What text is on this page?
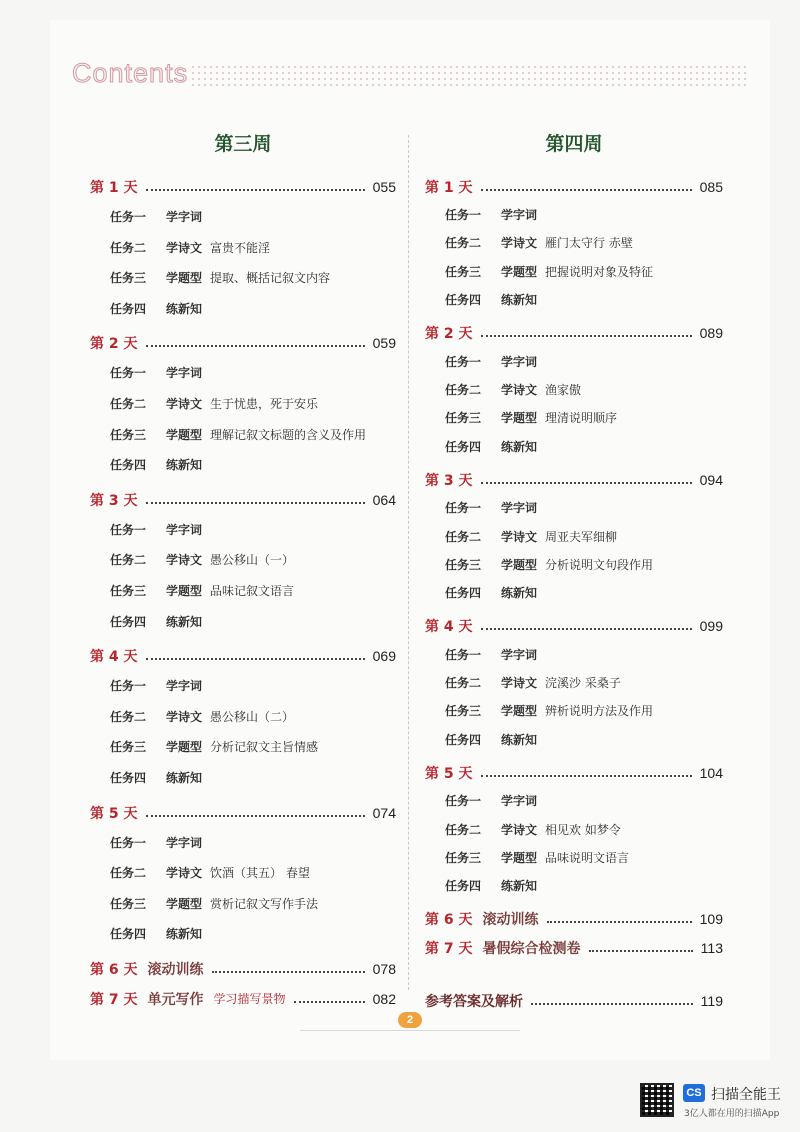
Contents
第三周
第 1 天	055
任务一 学字词
任务二 学诗文 富贵不能淫
任务三 学题型 提取、概括记叙文内容
任务四 练新知
第 2 天	059
任务一 学字词
任务二 学诗文 生于忧患，死于安乐
任务三 学题型 理解记叙文标题的含义及作用
任务四 练新知
第 3 天	064
任务一 学字词
任务二 学诗文 愚公移山（一）
任务三 学题型 品味记叙文语言
任务四 练新知
第 4 天	069
任务一 学字词
任务二 学诗文 愚公移山（二）
任务三 学题型 分析记叙文主旨情感
任务四 练新知
第 5 天	074
任务一 学字词
任务二 学诗文 饮酒（其五） 春望
任务三 学题型 赏析记叙文写作手法
任务四 练新知
第 6 天 滚动训练	078
第 7 天 单元写作 学习描写景物	082
第四周
第 1 天	085
任务一 学字词
任务二 学诗文 雁门太守行 赤壁
任务三 学题型 把握说明对象及特征
任务四 练新知
第 2 天	089
任务一 学字词
任务二 学诗文 渔家傲
任务三 学题型 理清说明顺序
任务四 练新知
第 3 天	094
任务一 学字词
任务二 学诗文 周亚夫军细柳
任务三 学题型 分析说明文句段作用
任务四 练新知
第 4 天	099
任务一 学字词
任务二 学诗文 浣溪沙 采桑子
任务三 学题型 辨析说明方法及作用
任务四 练新知
第 5 天	104
任务一 学字词
任务二 学诗文 相见欢 如梦令
任务三 学题型 品味说明文语言
任务四 练新知
第 6 天 滚动训练	109
第 7 天 暑假综合检测卷	113
参考答案及解析	119
2
CS 扫描全能王
3亿人都在用的扫描App
